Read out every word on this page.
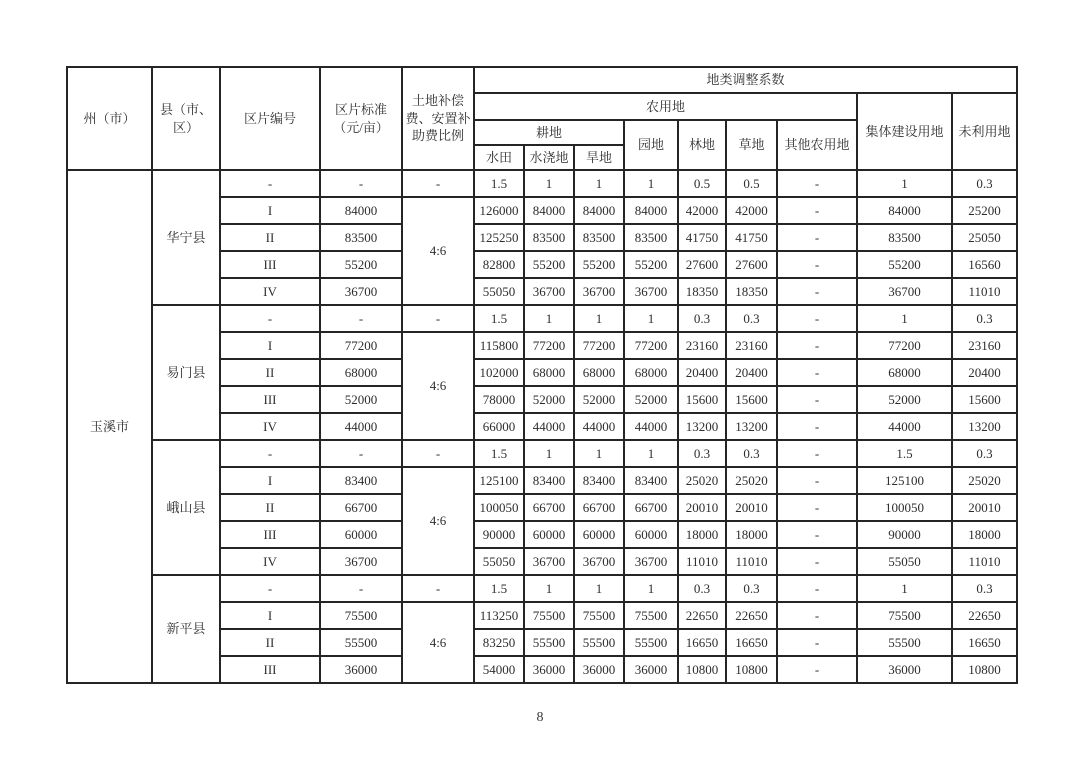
州（市）	县（市、区）	区片编号	区片标准（元/亩）	土地补偿费、安置补助费比例	地类调整系数								
					农用地							集体建设用地	未利用地
					耕地			园地	林地	草地	其他农用地		
					水田	水浇地	旱地						
玉溪市	华宁县	-	-	-	1.5	1	1	1	0.5	0.5	-	1	0.3
		I	84000	4:6	126000	84000	84000	84000	42000	42000	-	84000	25200
		II	83500		125250	83500	83500	83500	41750	41750	-	83500	25050
		III	55200		82800	55200	55200	55200	27600	27600	-	55200	16560
		IV	36700		55050	36700	36700	36700	18350	18350	-	36700	11010
	易门县	-	-	-	1.5	1	1	1	0.3	0.3	-	1	0.3
		I	77200	4:6	115800	77200	77200	77200	23160	23160	-	77200	23160
		II	68000		102000	68000	68000	68000	20400	20400	-	68000	20400
		III	52000		78000	52000	52000	52000	15600	15600	-	52000	15600
		IV	44000		66000	44000	44000	44000	13200	13200	-	44000	13200
	峨山县	-	-	-	1.5	1	1	1	0.3	0.3	-	1.5	0.3
		I	83400	4:6	125100	83400	83400	83400	25020	25020	-	125100	25020
		II	66700		100050	66700	66700	66700	20010	20010	-	100050	20010
		III	60000		90000	60000	60000	60000	18000	18000	-	90000	18000
		IV	36700		55050	36700	36700	36700	11010	11010	-	55050	11010
	新平县	-	-	-	1.5	1	1	1	0.3	0.3	-	1	0.3
		I	75500	4:6	113250	75500	75500	75500	22650	22650	-	75500	22650
		II	55500		83250	55500	55500	55500	16650	16650	-	55500	16650
		III	36000		54000	36000	36000	36000	10800	10800	-	36000	10800
8
